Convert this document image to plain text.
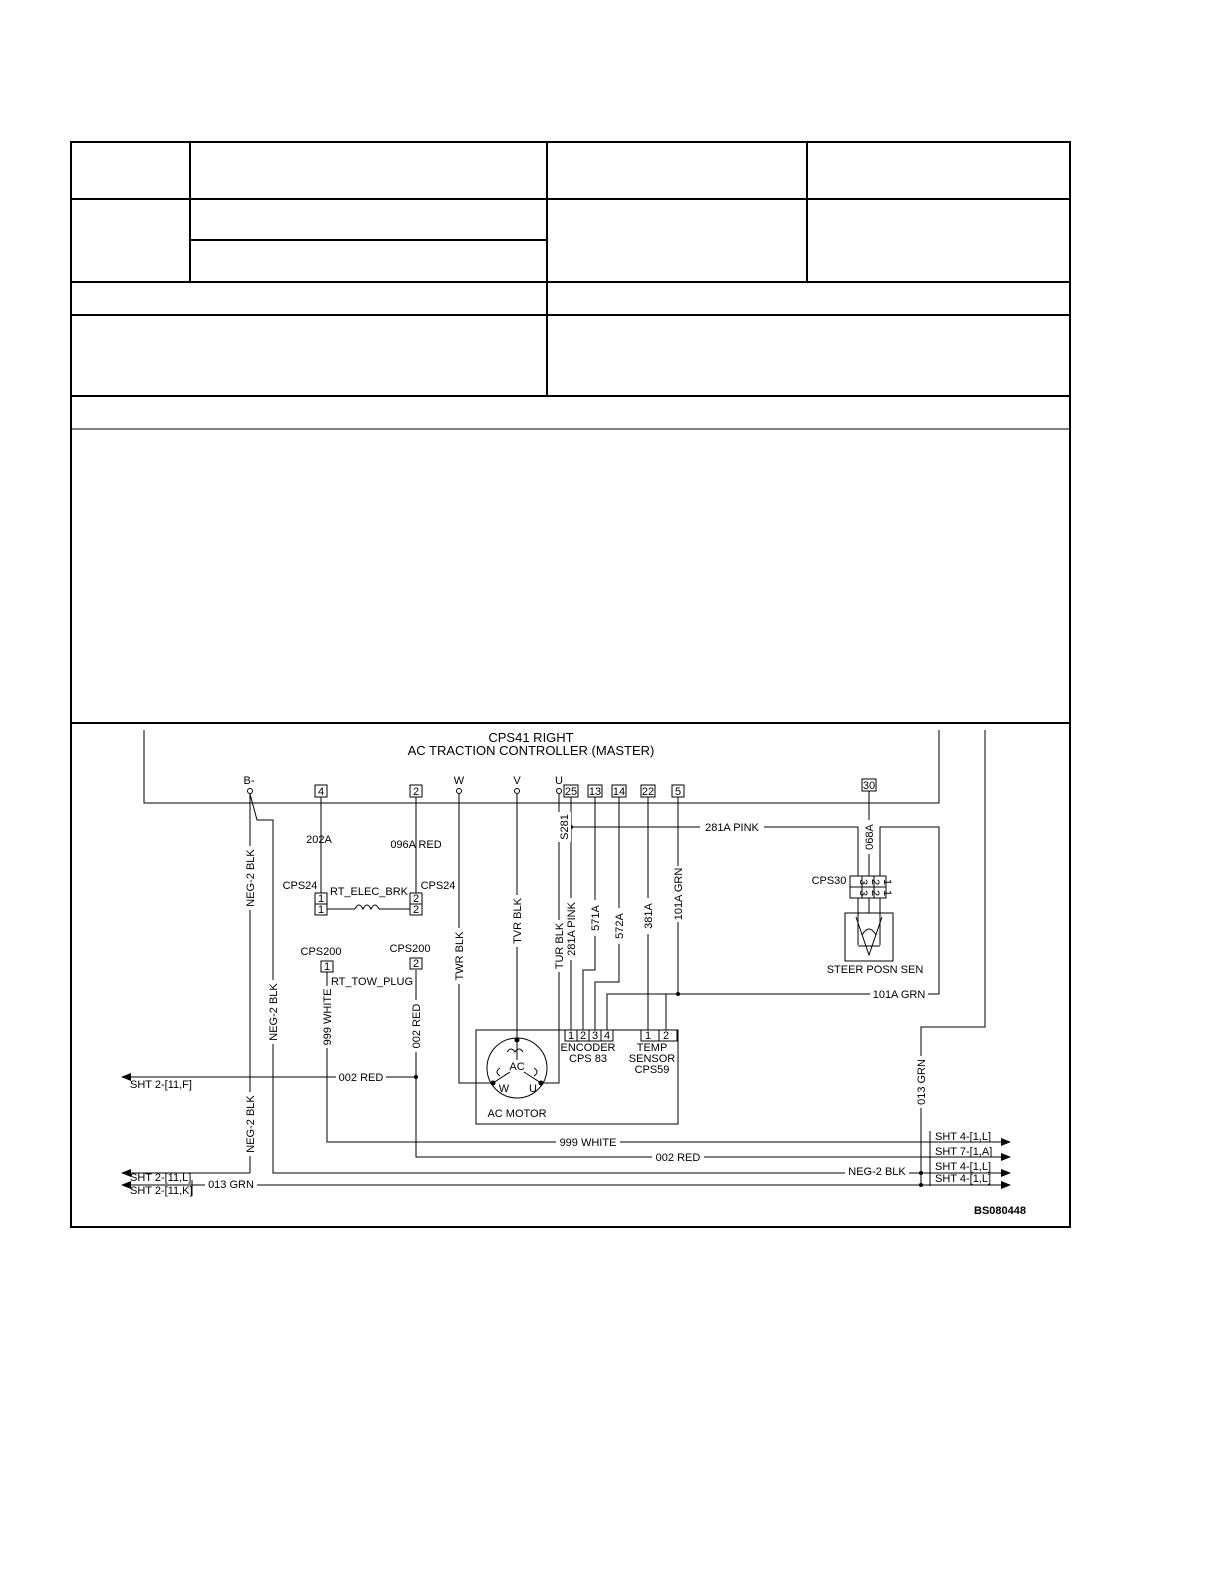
CPS41 RIGHT
AC TRACTION CONTROLLER (MASTER)
B-
4	2
W	V	U
25 13 14 22 5	30
202A	096A RED
281A PINK
101A GRN
002 RED
999 WHITE
002 RED
NEG-2 BLK
013 GRN
NEG-2 BLK
NEG-2 BLK
NEG-2 BLK
999 WHITE	002 RED
TWR BLK
TVR BLK
TUR BLK
S281
281A PINK 571A 572A 381A 101A GRN
068A
013 GRN
1
1
2
2
CPS24	CPS24
RT_ELEC_BRK
CPS200	CPS200
1	2
RT_TOW_PLUG
CPS30 3
3
2
2
1
1
STEER POSN SEN
1 2 3 4	1 2
ENCODER
CPS 83
TEMP
SENSOR
CPS59
AC
W U
AC MOTOR
SHT 2-[11,F]
SHT 2-[11,L]
SHT 2-[11,K]
SHT 4-[1,L]
SHT 7-[1,A]
SHT 4-[1,L]
SHT 4-[1,L]
BS080448
